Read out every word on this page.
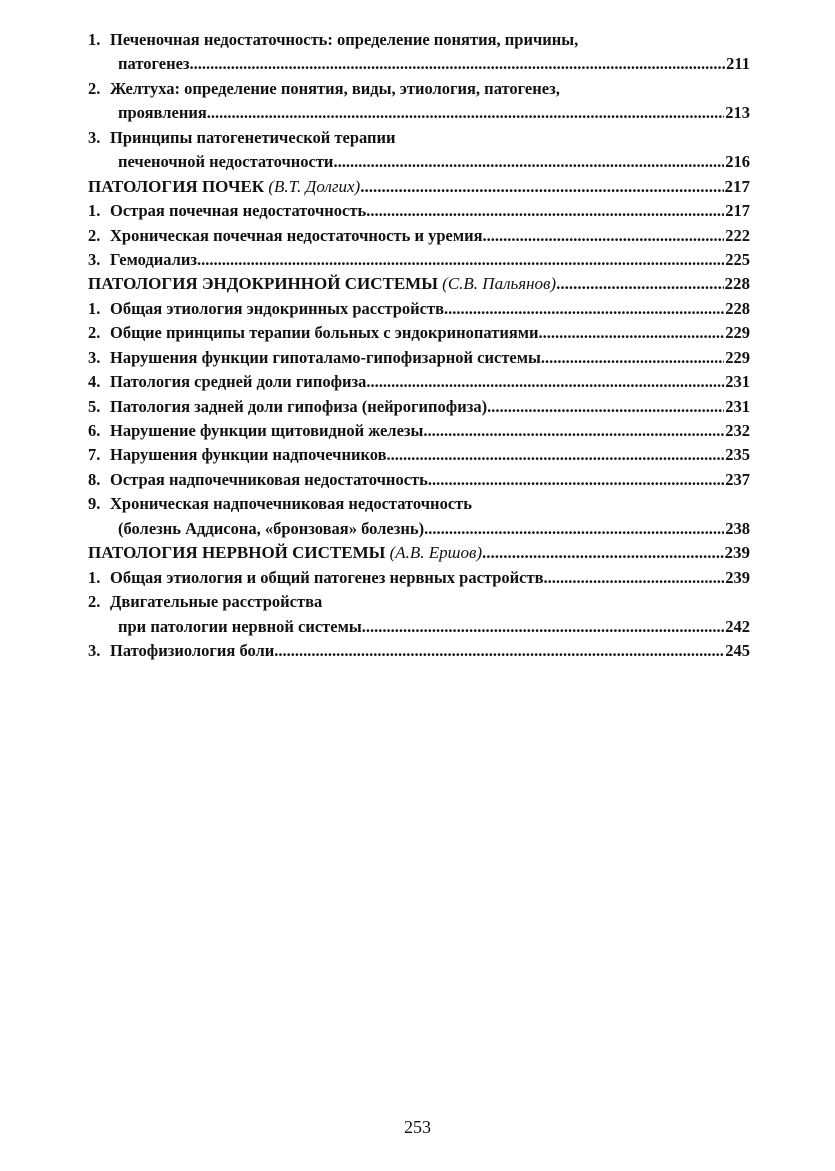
1. Печеночная недостаточность: определение понятия, причины,
патогенез .....	211
2. Желтуха: определение понятия, виды, этиология, патогенез,
проявления .....	213
3. Принципы патогенетической терапии
печеночной недостаточности .....	216
ПАТОЛОГИЯ ПОЧЕК (В.Т. Долгих) .....	217
1. Острая почечная недостаточность .....	217
2. Хроническая почечная недостаточность и уремия .....	222
3. Гемодиализ .....	225
ПАТОЛОГИЯ ЭНДОКРИННОЙ СИСТЕМЫ (С.В. Пальянов) .....	228
1. Общая этиология эндокринных расстройств .....	228
2. Общие принципы терапии больных с эндокринопатиями .....	229
3. Нарушения функции гипоталамо-гипофизарной системы .....	229
4. Патология средней доли гипофиза .....	231
5. Патология задней доли гипофиза (нейрогипофиза) .....	231
6. Нарушение функции щитовидной железы .....	232
7. Нарушения функции надпочечников .....	235
8. Острая надпочечниковая недостаточность .....	237
9. Хроническая надпочечниковая недостаточность
(болезнь Аддисона, «бронзовая» болезнь) .....	238
ПАТОЛОГИЯ НЕРВНОЙ СИСТЕМЫ (А.В. Ершов) .....	239
1. Общая этиология и общий патогенез нервных растройств .....	239
2. Двигательные расстройства
при патологии нервной системы .....	242
3. Патофизиология боли .....	245
253
